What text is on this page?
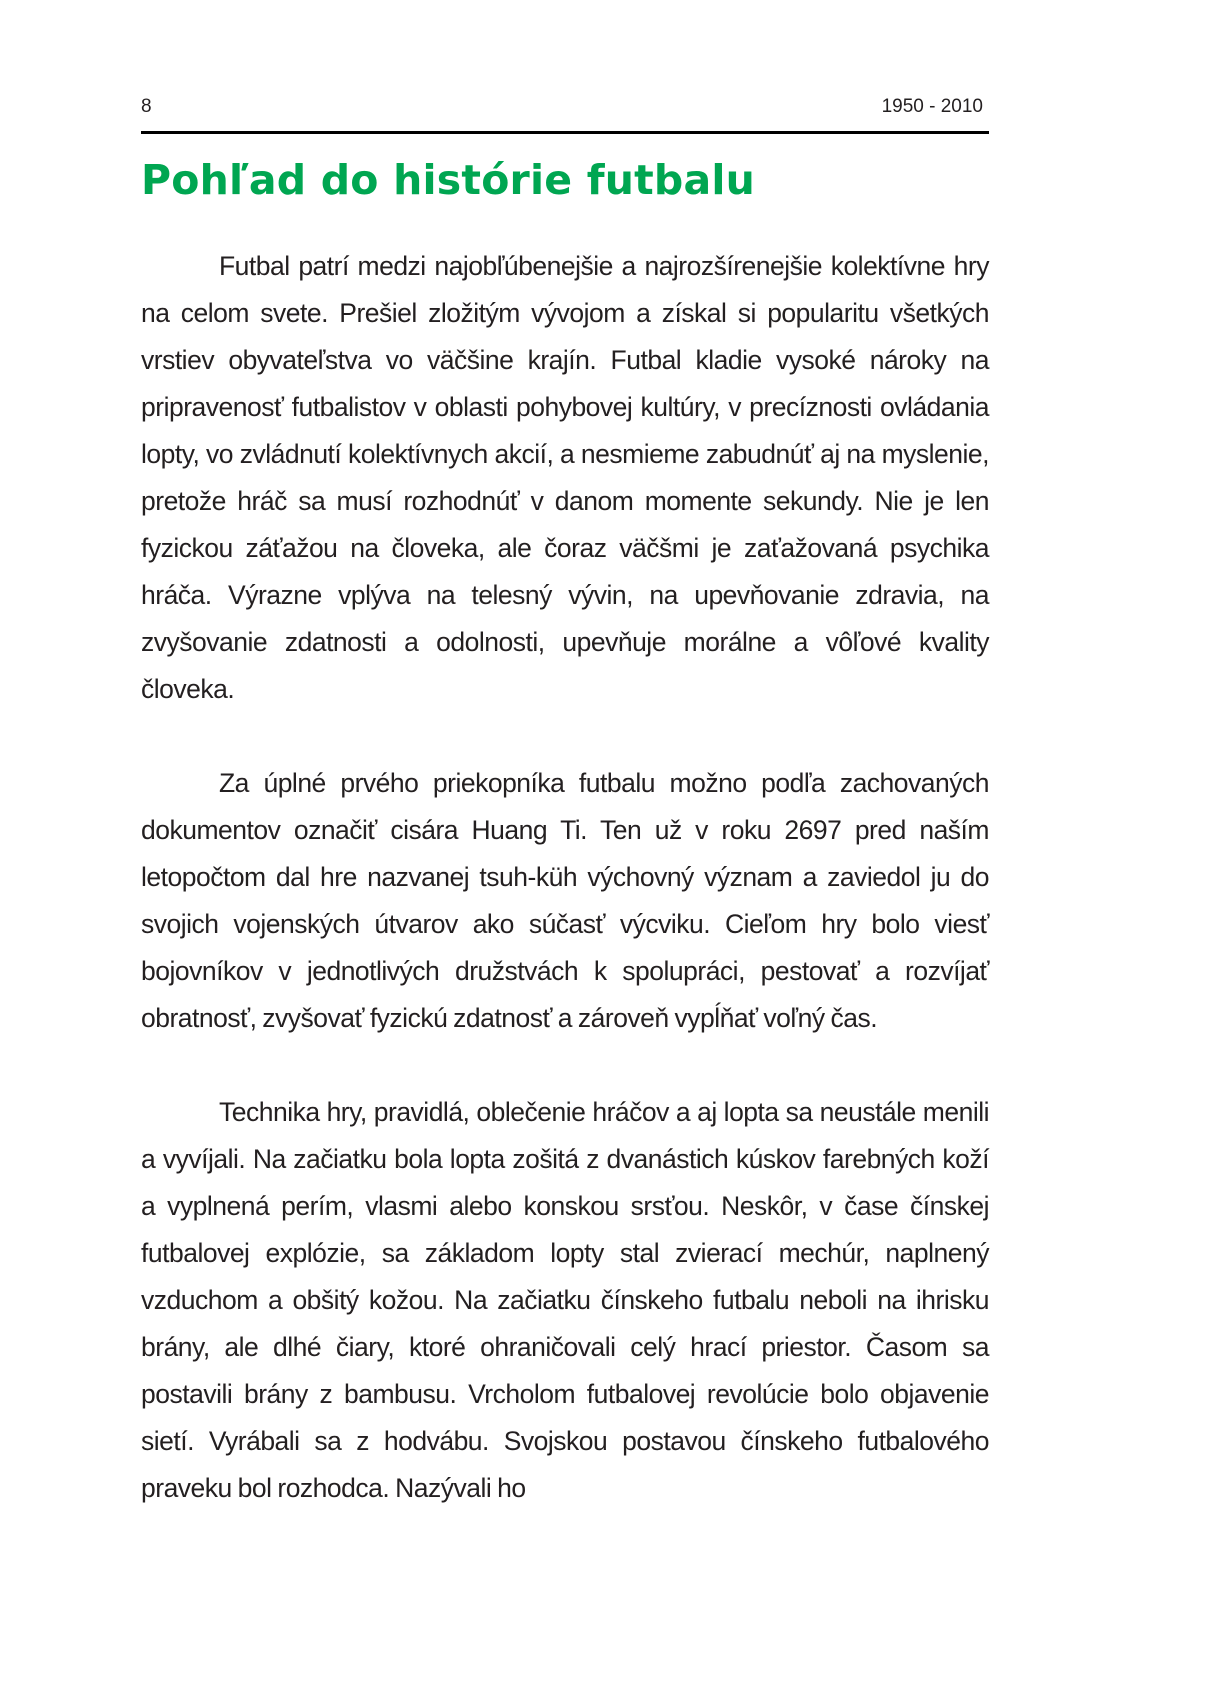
8	1950 - 2010
Pohľad do histórie futbalu

Futbal patrí medzi najobľúbenejšie a najrozšírenejšie kolektívne hry na celom svete. Prešiel zložitým vývojom a získal si popularitu všetkých vrstiev obyvateľstva vo väčšine krajín. Futbal kladie vysoké nároky na pripravenosť futbalistov v oblasti pohybovej kultúry, v precíznosti ovládania lopty, vo zvládnutí kolektívnych akcií, a nesmieme zabudnúť aj na myslenie, pretože hráč sa musí rozhodnúť v danom momente sekundy. Nie je len fyzickou záťažou na človeka, ale čoraz väčšmi je zaťažovaná psychika hráča. Výrazne vplýva na telesný vývin, na upevňovanie zdravia, na zvyšovanie zdatnosti a odolnosti, upevňuje morálne a vôľové kvality človeka.

Za úplné prvého priekopníka futbalu možno podľa zachovaných dokumentov označiť cisára Huang Ti. Ten už v roku 2697 pred naším letopočtom dal hre nazvanej tsuh-küh výchovný význam a zaviedol ju do svojich vojenských útvarov ako súčasť výcviku. Cieľom hry bolo viesť bojovníkov v jednotlivých družstvách k spolupráci, pestovať a rozvíjať obratnosť, zvyšovať fyzickú zdatnosť a zároveň vypĺňať voľný čas.

Technika hry, pravidlá, oblečenie hráčov a aj lopta sa neustále menili a vyvíjali. Na začiatku bola lopta zošitá z dvanástich kúskov farebných koží a vyplnená perím, vlasmi alebo konskou srsťou. Neskôr, v čase čínskej futbalovej explózie, sa základom lopty stal zvierací mechúr, naplnený vzduchom a obšitý kožou. Na začiatku čínskeho futbalu neboli na ihrisku brány, ale dlhé čiary, ktoré ohraničovali celý hrací priestor. Časom sa postavili brány z bambusu. Vrcholom futbalovej revolúcie bolo objavenie sietí. Vyrábali sa z hodvábu. Svojskou postavou čínskeho futbalového praveku bol rozhodca. Nazývali ho
